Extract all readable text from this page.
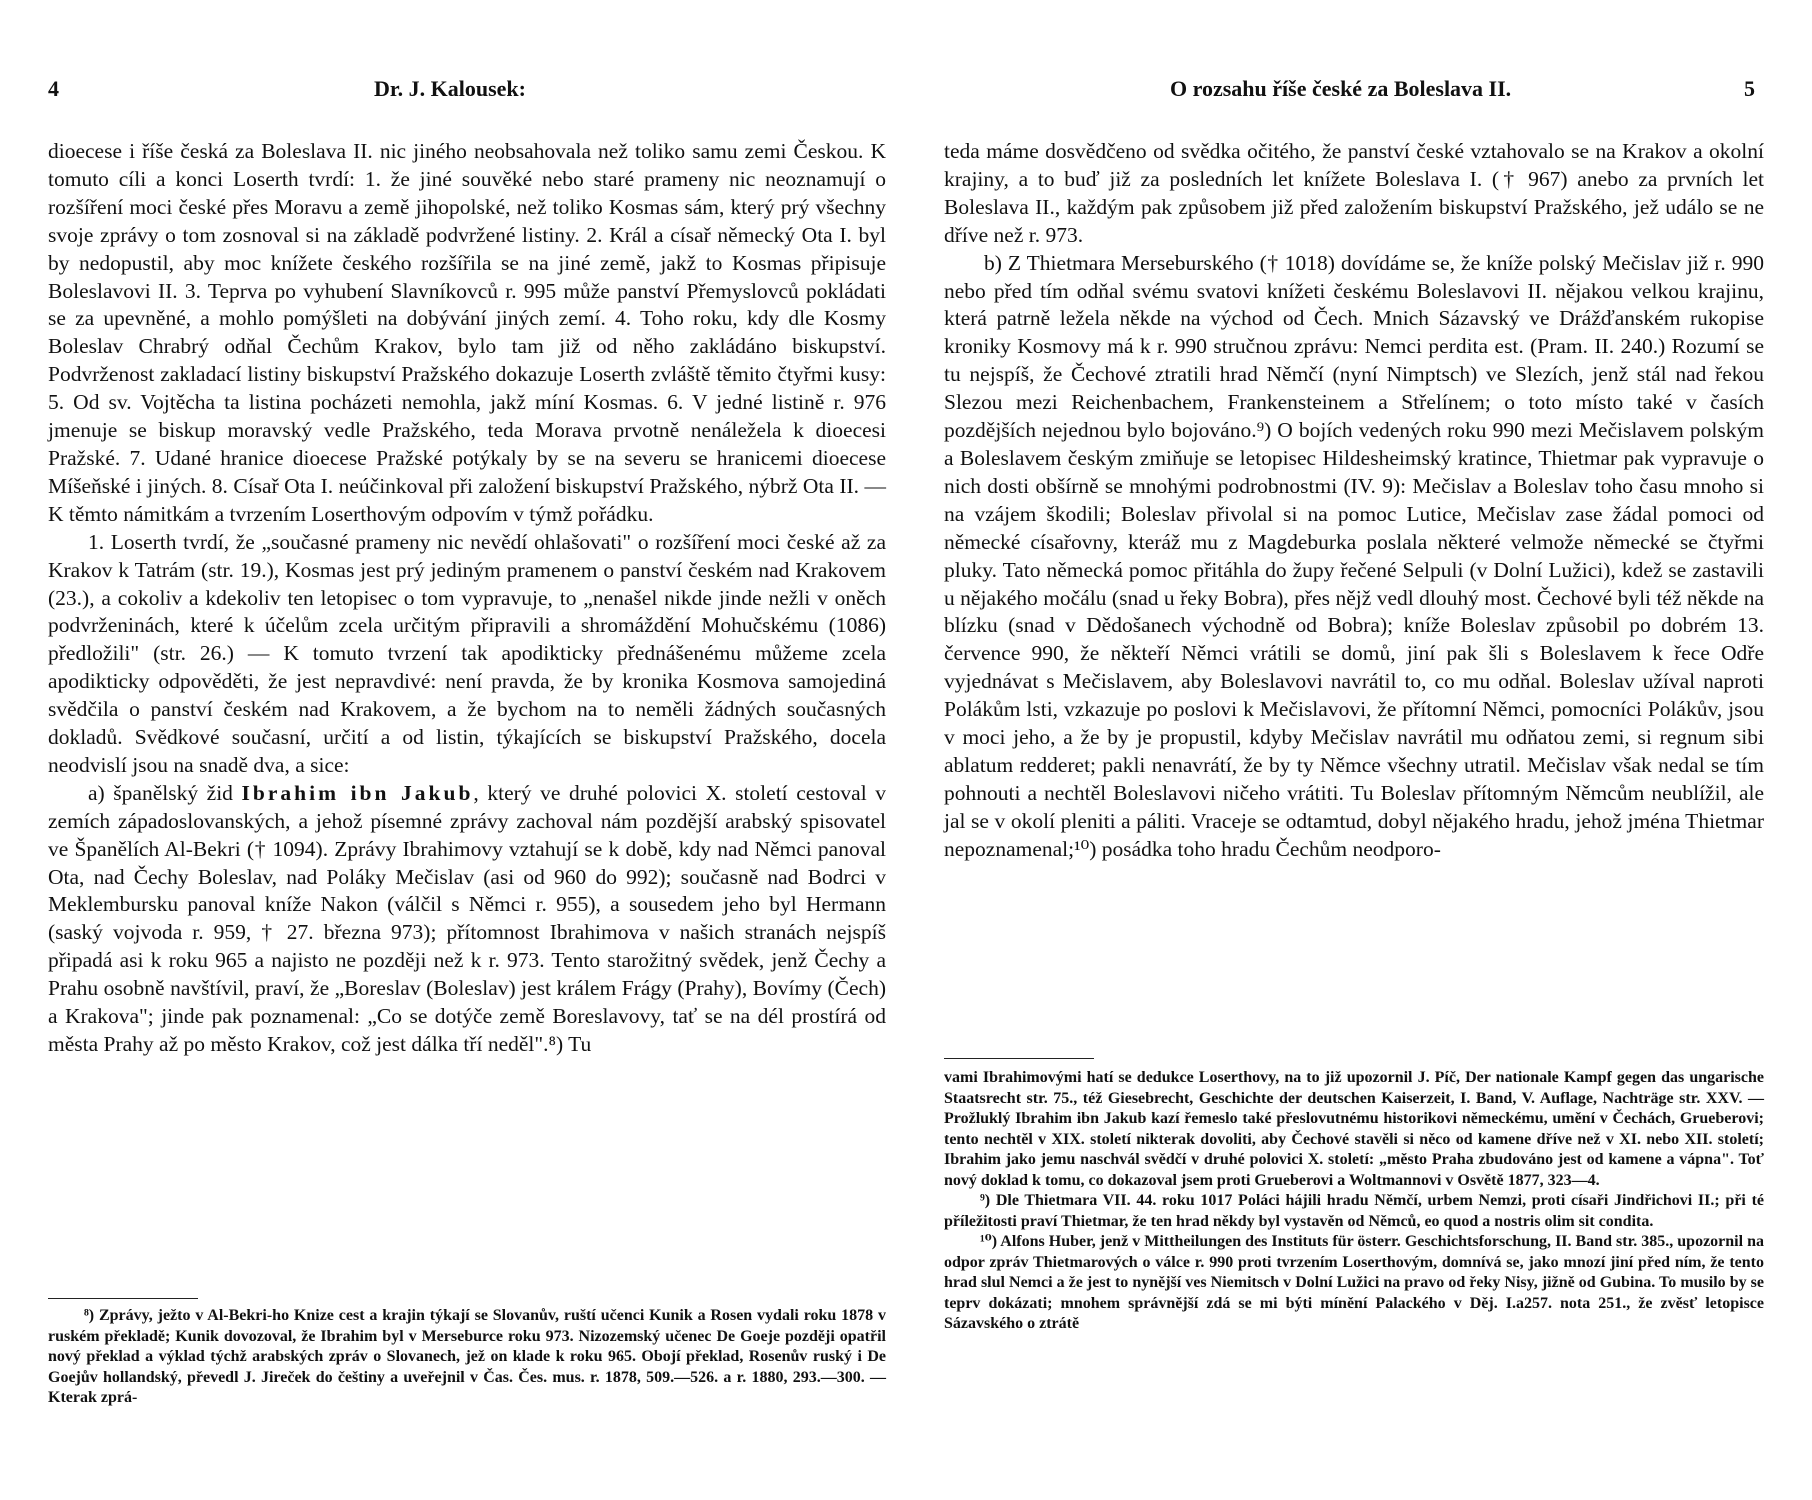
4	Dr. J. Kalousek:

dioecese i říše česká za Boleslava II. nic jiného neobsahovala než toliko samu zemi Českou. K tomuto cíli a konci Loserth tvrdí: 1. že jiné souvěké nebo staré prameny nic neoznamují o rozšíření moci české přes Moravu a země jihopolské, než toliko Kosmas sám, který prý všechny svoje zprávy o tom zosnoval si na základě podvržené listiny. 2. Král a císař německý Ota I. byl by nedopustil, aby moc knížete českého rozšířila se na jiné země, jakž to Kosmas připisuje Boleslavovi II. 3. Teprva po vyhubení Slavníkovců r. 995 může panství Přemyslovců pokládati se za upevněné, a mohlo pomýšleti na dobývání jiných zemí. 4. Toho roku, kdy dle Kosmy Boleslav Chrabrý odňal Čechům Krakov, bylo tam již od něho zakládáno biskupství. Podvrženost zakladací listiny biskupství Pražského dokazuje Loserth zvláště těmito čtyřmi kusy: 5. Od sv. Vojtěcha ta listina pocházeti nemohla, jakž míní Kosmas. 6. V jedné listině r. 976 jmenuje se biskup moravský vedle Pražského, teda Morava prvotně nenáležela k dioecesi Pražské. 7. Udané hranice dioecese Pražské potýkaly by se na severu se hranicemi dioecese Míšeňské i jiných. 8. Císař Ota I. neúčinkoval při založení biskupství Pražského, nýbrž Ota II. — K těmto námitkám a tvrzením Loserthovým odpovím v týmž pořádku.

1. Loserth tvrdí, že „současné prameny nic nevědí ohlašovati" o rozšíření moci české až za Krakov k Tatrám (str. 19.), Kosmas jest prý jediným pramenem o panství českém nad Krakovem (23.), a cokoliv a kdekoliv ten letopisec o tom vypravuje, to „nenašel nikde jinde nežli v oněch podvrženinách, které k účelům zcela určitým připravili a shromáždění Mohučskému (1086) předložili" (str. 26.) — K tomuto tvrzení tak apodikticky přednášenému můžeme zcela apodikticky odpověděti, že jest nepravdivé: není pravda, že by kronika Kosmova samojediná svědčila o panství českém nad Krakovem, a že bychom na to neměli žádných současných dokladů. Svědkové současní, určití a od listin, týkajících se biskupství Pražského, docela neodvislí jsou na snadě dva, a sice:

a) španělský žid Ibrahim ibn Jakub, který ve druhé polovici X. století cestoval v zemích západoslovanských, a jehož písemné zprávy zachoval nám pozdější arabský spisovatel ve Španělích Al-Bekri († 1094). Zprávy Ibrahimovy vztahují se k době, kdy nad Němci panoval Ota, nad Čechy Boleslav, nad Poláky Mečislav (asi od 960 do 992); současně nad Bodrci v Meklembursku panoval kníže Nakon (válčil s Němci r. 955), a sousedem jeho byl Hermann (saský vojvoda r. 959, † 27. března 973); přítomnost Ibrahimova v našich stranách nejspíš připadá asi k roku 965 a najisto ne později než k r. 973. Tento starožitný svědek, jenž Čechy a Prahu osobně navštívil, praví, že „Boreslav (Boleslav) jest králem Frágy (Prahy), Bovímy (Čech) a Krakova"; jinde pak poznamenal: „Co se dotýče země Boreslavovy, tať se na dél prostírá od města Prahy až po město Krakov, což jest dálka tří neděl".⁸) Tu

⁸) Zprávy, ježto v Al-Bekri-ho Knize cest a krajin týkají se Slovanův, ruští učenci Kunik a Rosen vydali roku 1878 v ruském překladě; Kunik dovozoval, že Ibrahim byl v Merseburce roku 973. Nizozemský učenec De Goeje později opatřil nový překlad a výklad týchž arabských zpráv o Slovanech, jež on klade k roku 965. Obojí překlad, Rosenův ruský i De Goejův hollandský, převedl J. Jireček do češtiny a uveřejnil v Čas. Čes. mus. r. 1878, 509.—526. a r. 1880, 293.—300. — Kterak zprá-

O rozsahu říše české za Boleslava II.	5

teda máme dosvědčeno od svědka očitého, že panství české vztahovalo se na Krakov a okolní krajiny, a to buď již za posledních let knížete Boleslava I. († 967) anebo za prvních let Boleslava II., každým pak způsobem již před založením biskupství Pražského, jež událo se ne dříve než r. 973.

b) Z Thietmara Merseburského († 1018) dovídáme se, že kníže polský Mečislav již r. 990 nebo před tím odňal svému svatovi knížeti českému Boleslavovi II. nějakou velkou krajinu, která patrně ležela někde na východ od Čech. Mnich Sázavský ve Drážďanském rukopise kroniky Kosmovy má k r. 990 stručnou zprávu: Nemci perdita est. (Pram. II. 240.) Rozumí se tu nejspíš, že Čechové ztratili hrad Němčí (nyní Nimptsch) ve Slezích, jenž stál nad řekou Slezou mezi Reichenbachem, Frankensteinem a Střelínem; o toto místo také v časích pozdějších nejednou bylo bojováno.⁹) O bojích vedených roku 990 mezi Mečislavem polským a Boleslavem českým zmiňuje se letopisec Hildesheimský kratince, Thietmar pak vypravuje o nich dosti obšírně se mnohými podrobnostmi (IV. 9): Mečislav a Boleslav toho času mnoho si na vzájem škodili; Boleslav přivolal si na pomoc Lutice, Mečislav zase žádal pomoci od německé císařovny, kteráž mu z Magdeburka poslala některé velmože německé se čtyřmi pluky. Tato německá pomoc přitáhla do župy řečené Selpuli (v Dolní Lužici), kdež se zastavili u nějakého močálu (snad u řeky Bobra), přes nějž vedl dlouhý most. Čechové byli též někde na blízku (snad v Dědošanech východně od Bobra); kníže Boleslav způsobil po dobrém 13. července 990, že někteří Němci vrátili se domů, jiní pak šli s Boleslavem k řece Odře vyjednávat s Mečislavem, aby Boleslavovi navrátil to, co mu odňal. Boleslav užíval naproti Polákům lsti, vzkazuje po poslovi k Mečislavovi, že přítomní Němci, pomocníci Polákův, jsou v moci jeho, a že by je propustil, kdyby Mečislav navrátil mu odňatou zemi, si regnum sibi ablatum redderet; pakli nenavrátí, že by ty Němce všechny utratil. Mečislav však nedal se tím pohnouti a nechtěl Boleslavovi ničeho vrátiti. Tu Boleslav přítomným Němcům neublížil, ale jal se v okolí pleniti a páliti. Vraceje se odtamtud, dobyl nějakého hradu, jehož jména Thietmar nepoznamenal;¹⁰) posádka toho hradu Čechům neodporo-

vami Ibrahimovými hatí se dedukce Loserthovy, na to již upozornil J. Píč, Der nationale Kampf gegen das ungarische Staatsrecht str. 75., též Giesebrecht, Geschichte der deutschen Kaiserzeit, I. Band, V. Auflage, Nachträge str. XXV. — Prožluklý Ibrahim ibn Jakub kazí řemeslo také přeslovutnému historikovi německému, umění v Čechách, Grueberovi; tento nechtěl v XIX. století nikterak dovoliti, aby Čechové stavěli si něco od kamene dříve než v XI. nebo XII. století; Ibrahim jako jemu naschvál svědčí v druhé polovici X. století: „město Praha zbudováno jest od kamene a vápna". Toť nový doklad k tomu, co dokazoval jsem proti Grueberovi a Woltmannovi v Osvětě 1877, 323—4.

⁹) Dle Thietmara VII. 44. roku 1017 Poláci hájili hradu Němčí, urbem Nemzi, proti císaři Jindřichovi II.; při té příležitosti praví Thietmar, že ten hrad někdy byl vystavěn od Němců, eo quod a nostris olim sit condita.

¹⁰) Alfons Huber, jenž v Mittheilungen des Instituts für österr. Geschichtsforschung, II. Band str. 385., upozornil na odpor zpráv Thietmarových o válce r. 990 proti tvrzením Loserthovým, domnívá se, jako mnozí jiní před ním, že tento hrad slul Nemci a že jest to nynější ves Niemitsch v Dolní Lužici na pravo od řeky Nisy, jižně od Gubina. To musilo by se teprv dokázati; mnohem správnější zdá se mi býti mínění Palackého v Děj. I.a257. nota 251., že zvěsť letopisce Sázavského o ztrátě
